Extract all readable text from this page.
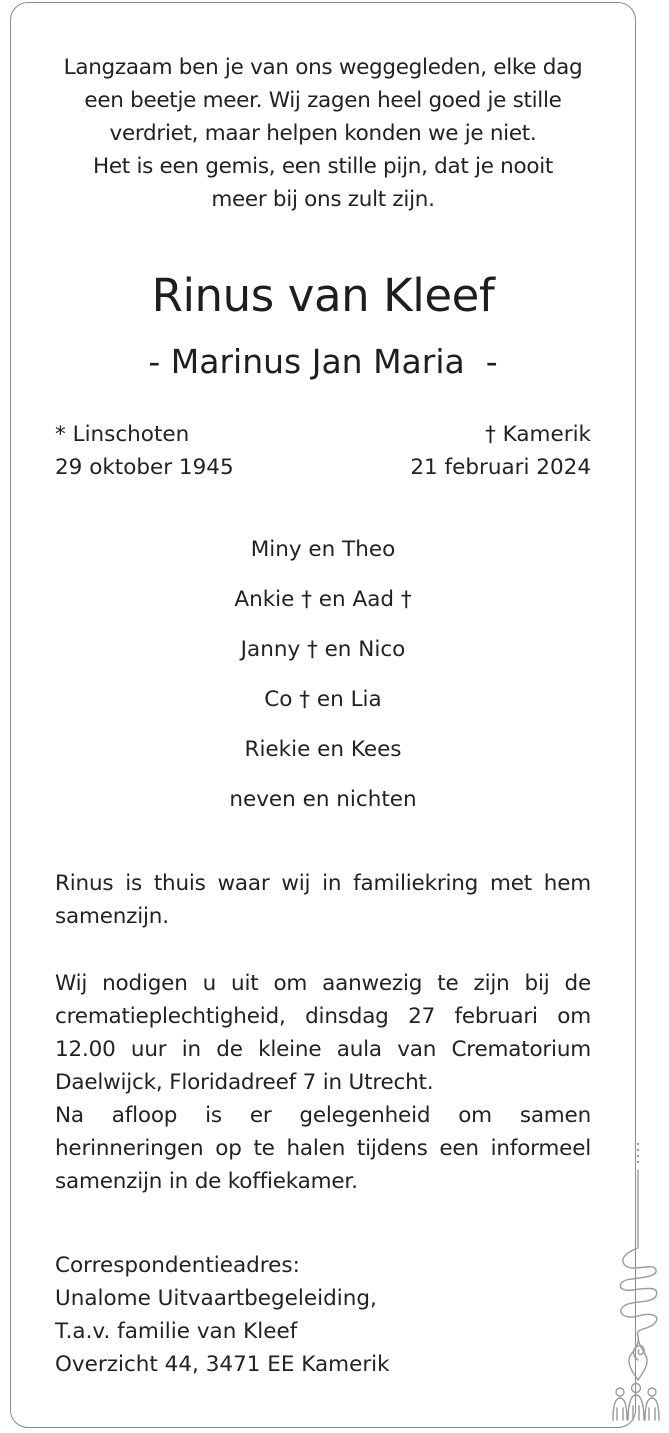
Langzaam ben je van ons weggegleden, elke dag
een beetje meer. Wij zagen heel goed je stille
verdriet, maar helpen konden we je niet.
Het is een gemis, een stille pijn, dat je nooit
meer bij ons zult zijn.
Rinus van Kleef
- Marinus Jan Maria  -
* Linschoten
29 oktober 1945
† Kamerik
21 februari 2024
Miny en Theo
Ankie † en Aad †
Janny † en Nico
Co † en Lia
Riekie en Kees
neven en nichten
Rinus is thuis waar wij in familiekring met hem
samenzijn.
Wij nodigen u uit om aanwezig te zijn bij de
crematieplechtigheid, dinsdag 27 februari om
12.00 uur in de kleine aula van Crematorium
Daelwijck, Floridadreef 7 in Utrecht.
Na afloop is er gelegenheid om samen
herinneringen op te halen tijdens een informeel
samenzijn in de koffiekamer.
Correspondentieadres:
Unalome Uitvaartbegeleiding,
T.a.v. familie van Kleef
Overzicht 44, 3471 EE Kamerik
